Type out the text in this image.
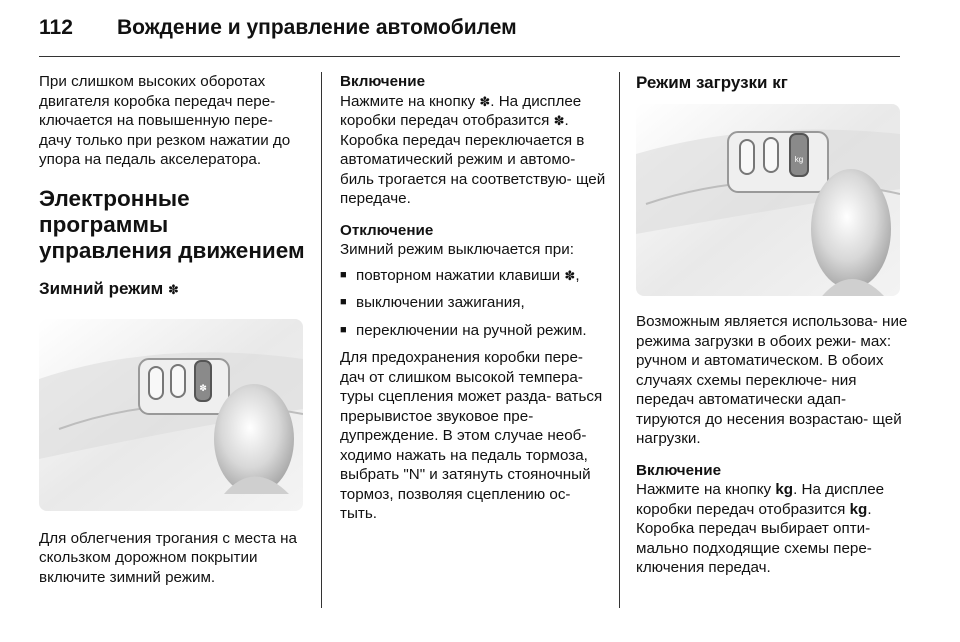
112	Вождение и управление автомобилем

При слишком высоких оборотах двигателя коробка передач пере- ключается на повышенную пере- дачу только при резком нажатии до упора на педаль акселератора.

Электронные программы управления движением
Зимний режим ✽
✽

Для облегчения трогания с места на скользком дорожном покрытии включите зимний режим.

Включение

Нажмите на кнопку ✽. На дисплее коробки передач отобразится ✽. Коробка передач переключается в автоматический режим и автомо- биль трогается на соответствую- щей передаче.

Отключение

Зимний режим выключается при:

■ повторном нажатии клавиши ✽,
■ выключении зажигания,
■ переключении на ручной режим.

Для предохранения коробки пере- дач от слишком высокой темпера- туры сцепления может разда- ваться прерывистое звуковое пре- дупреждение. В этом случае необ- ходимо нажать на педаль тормоза, выбрать "N" и затянуть стояночный тормоз, позволяя сцеплению ос- тыть.

Режим загрузки кг
kg

Возможным является использова- ние режима загрузки в обоих режи- мах: ручном и автоматическом. В обоих случаях схемы переключе- ния передач автоматически адап- тируются до несения возрастаю- щей нагрузки.

Включение

Нажмите на кнопку kg. На дисплее коробки передач отобразится kg. Коробка передач выбирает опти- мально подходящие схемы пере- ключения передач.
